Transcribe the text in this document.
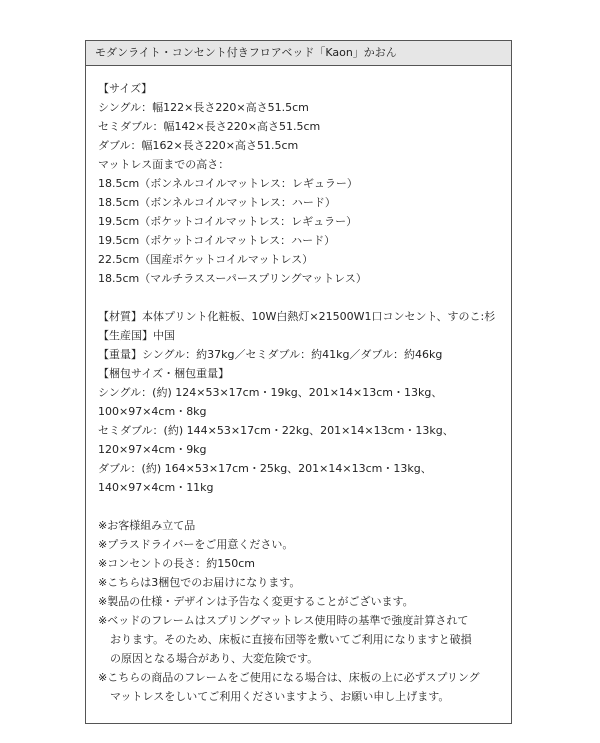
モダンライト・コンセント付きフロアベッド「Kaon」かおん
【サイズ】
シングル：幅122×長さ220×高さ51.5cm
セミダブル：幅142×長さ220×高さ51.5cm
ダブル：幅162×長さ220×高さ51.5cm
マットレス面までの高さ：
18.5cm（ボンネルコイルマットレス：レギュラー）
18.5cm（ボンネルコイルマットレス：ハード）
19.5cm（ポケットコイルマットレス：レギュラー）
19.5cm（ポケットコイルマットレス：ハード）
22.5cm（国産ポケットコイルマットレス）
18.5cm（マルチラススーパースプリングマットレス）
【材質】本体プリント化粧板、10W白熱灯×21500W1口コンセント、すのこ:杉
【生産国】中国
【重量】シングル：約37kg／セミダブル：約41kg／ダブル：約46kg
【梱包サイズ・梱包重量】
シングル：(約) 124×53×17cm・19kg、201×14×13cm・13kg、
100×97×4cm・8kg
セミダブル：(約) 144×53×17cm・22kg、201×14×13cm・13kg、
120×97×4cm・9kg
ダブル：(約) 164×53×17cm・25kg、201×14×13cm・13kg、
140×97×4cm・11kg
※お客様組み立て品
※プラスドライバーをご用意ください。
※コンセントの長さ：約150cm
※こちらは3梱包でのお届けになります。
※製品の仕様・デザインは予告なく変更することがございます。
※ベッドのフレームはスプリングマットレス使用時の基準で強度計算されて
おります。そのため、床板に直接布団等を敷いてご利用になりますと破損
の原因となる場合があり、大変危険です。
※こちらの商品のフレームをご使用になる場合は、床板の上に必ずスプリング
マットレスをしいてご利用くださいますよう、お願い申し上げます。
